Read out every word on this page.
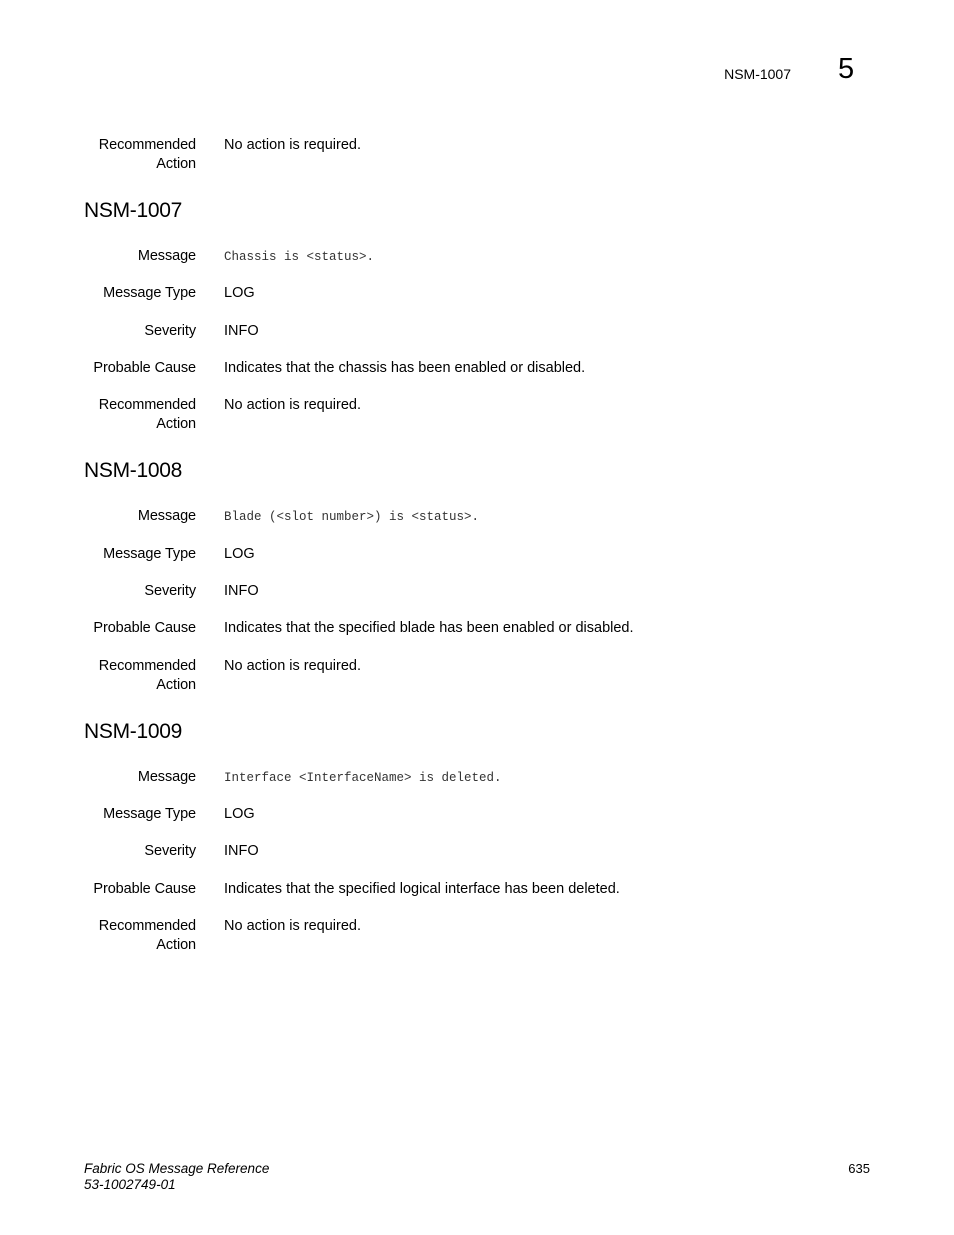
NSM-1007 5
Recommended
Action
No action is required.
NSM-1007
Message Chassis is <status>.
Message Type LOG
Severity INFO
Probable Cause Indicates that the chassis has been enabled or disabled.
Recommended
Action
No action is required.
NSM-1008
Message Blade (<slot number>) is <status>.
Message Type LOG
Severity INFO
Probable Cause Indicates that the specified blade has been enabled or disabled.
Recommended
Action
No action is required.
NSM-1009
Message Interface <InterfaceName> is deleted.
Message Type LOG
Severity INFO
Probable Cause Indicates that the specified logical interface has been deleted.
Recommended
Action
No action is required.
Fabric OS Message Reference
53-1002749-01
635
